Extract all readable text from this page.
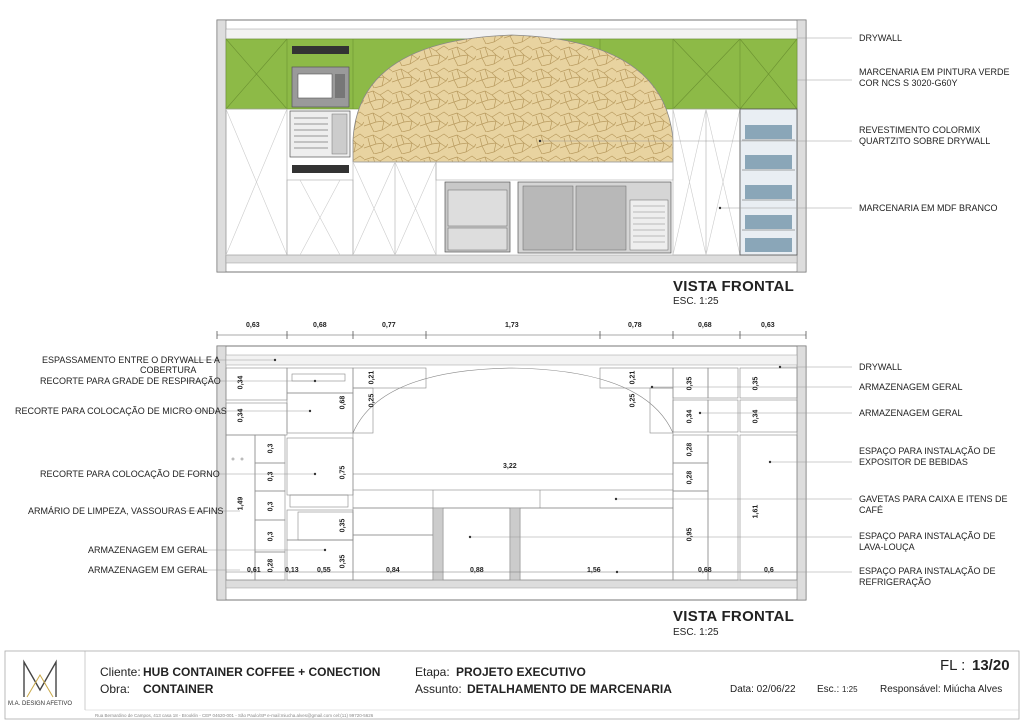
DRYWALL
MARCENARIA EM PINTURA VERDE
COR NCS S 3020-G60Y
REVESTIMENTO COLORMIX
QUARTZITO SOBRE DRYWALL
MARCENARIA EM MDF BRANCO
VISTA FRONTAL
ESC. 1:25
0,63	0,68	0,77	1,73	0,78	0,68	0,63
ESPASSAMENTO ENTRE O DRYWALL E A
COBERTURA
RECORTE PARA GRADE DE RESPIRAÇÃO
RECORTE PARA COLOCAÇÃO DE MICRO ONDAS
RECORTE PARA COLOCAÇÃO DE FORNO
ARMÁRIO DE LIMPEZA, VASSOURAS E AFINS
ARMAZENAGEM EM GERAL
ARMAZENAGEM EM GERAL
DRYWALL
ARMAZENAGEM GERAL
ARMAZENAGEM GERAL
ESPAÇO PARA INSTALAÇÃO DE
EXPOSITOR DE BEBIDAS
GAVETAS PARA CAIXA E ITENS DE
CAFÉ
ESPAÇO PARA INSTALAÇÃO DE
LAVA-LOUÇA
ESPAÇO PARA INSTALAÇÃO DE
REFRIGERAÇÃO
0,34
0,34
1,49
0,3
0,3
0,3
0,3
0,28
0,68
0,75
0,35
0,35
0,21
0,25
0,21
0,25
0,35
0,34
0,28
0,28
0,95
0,35
0,34
1,61
3,22
0,61	0,13	0,55	0,84	0,88	1,56	0,68	0,6
VISTA FRONTAL
ESC. 1:25
M.A. DESIGN AFETIVO
Cliente: HUB CONTAINER COFFEE + CONECTION
Obra: CONTAINER
Etapa: PROJETO EXECUTIVO
Assunto: DETALHAMENTO DE MARCENARIA
FL : 13/20
Data: 02/06/22 Esc.: 1:25 Responsável: Miúcha Alves
Rua Bernardino de Campos, 413 casa 18 - Brooklin - CEP 04620-001 - São Paulo/SP e-mail:miucha.alves@gmail.com cel:(11) 99720-5626
